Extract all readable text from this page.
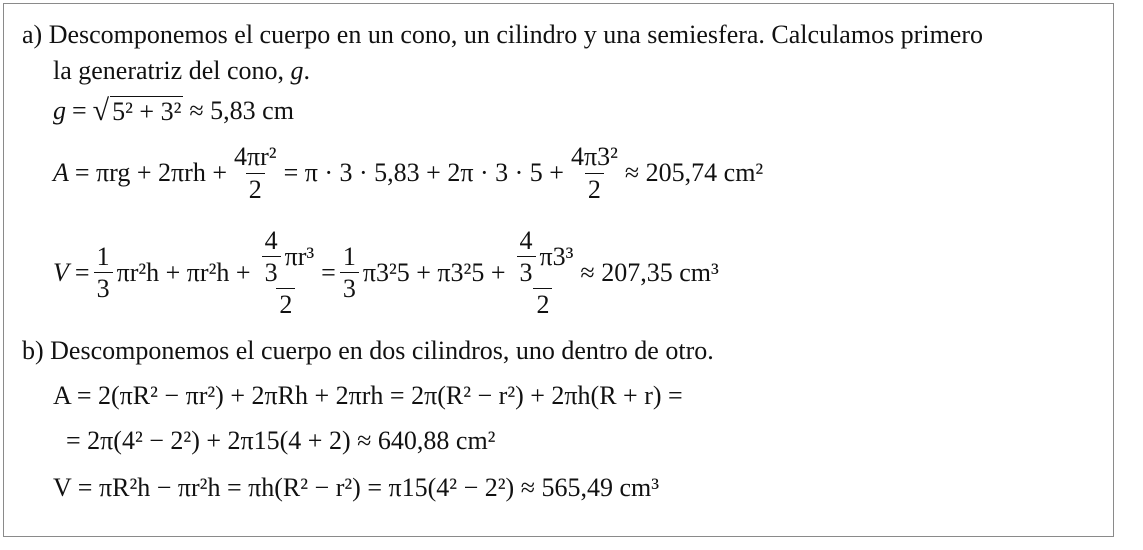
a) Descomponemos el cuerpo en un cono, un cilindro y una semiesfera. Calculamos primero
la generatriz del cono, g.
g = √ 5² + 3² ≈ 5,83 cm
$A = \pi rg + 2\pi rh + \frac{\text{4πr²}}{2} = \pi \cdot 3 \cdot 5,83 + 2\pi \cdot 3 \cdot 5 + \frac{\text{4π3²}}{2} \approx 205,74$ cm²
$V = \frac{1}{3} \pi r^2h + \pi r^2h + \frac{\frac{4}{3} \pi r^3}{2} = \frac{1}{3} \pi 3^25 + \pi 3^25 + \frac{\frac{4}{3} \pi 3^3}{2} \approx 207,35$ cm³
b) Descomponemos el cuerpo en dos cilindros, uno dentro de otro.
A = 2(πR² − πr²) + 2πRh + 2πrh = 2π(R² − r²) + 2πh(R + r) =
= 2π(4² − 2²) + 2π15(4 + 2) ≈ 640,88 cm²
V = πR²h − πr²h = πh(R² − r²) = π15(4² − 2²) ≈ 565,49 cm³
